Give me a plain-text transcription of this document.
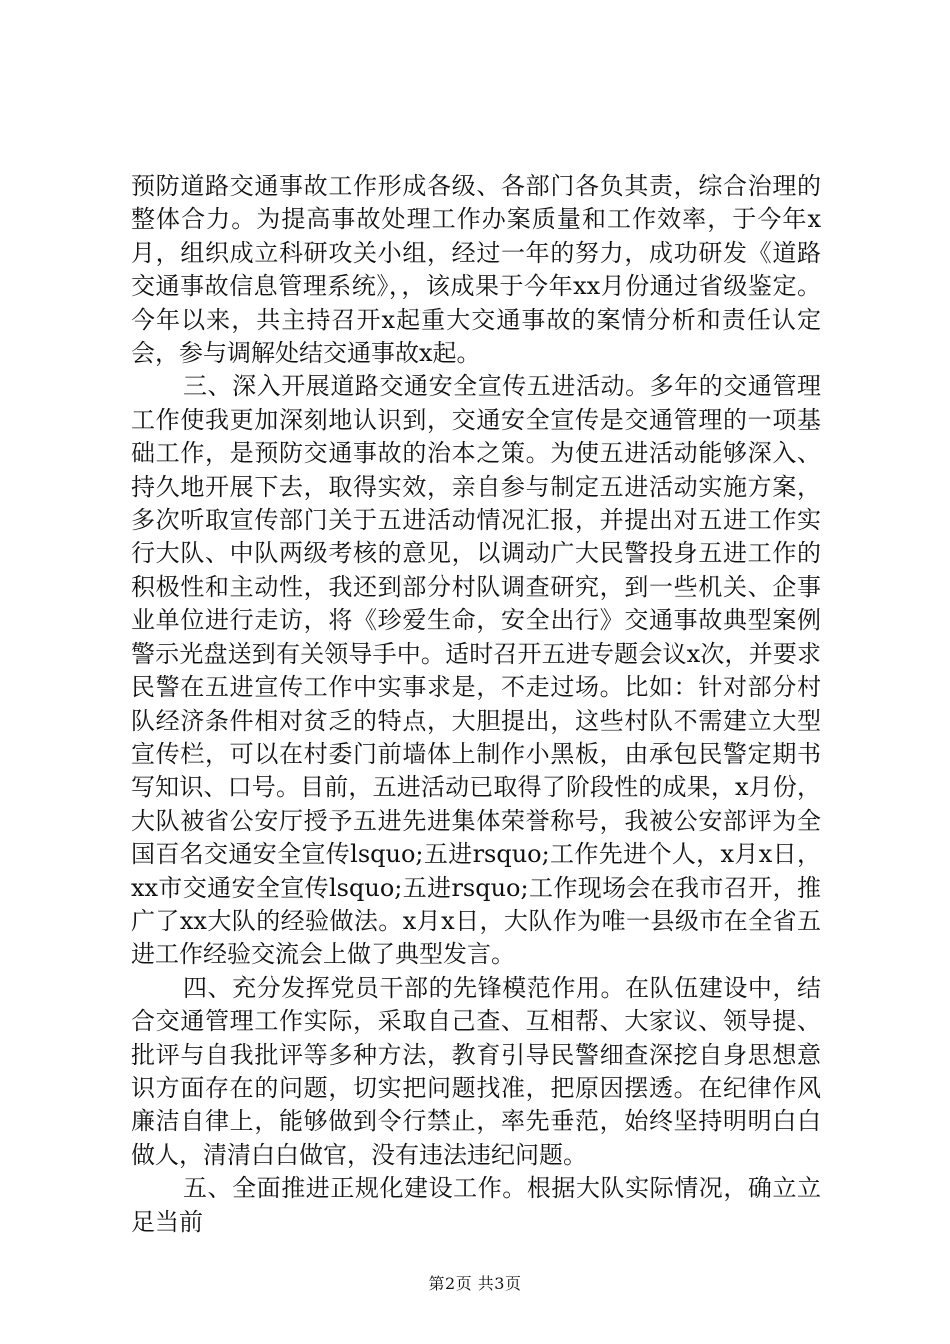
预防道路交通事故工作形成各级、各部门各负其责，综合治理的整体合力。为提高事故处理工作办案质量和工作效率，于今年x月，组织成立科研攻关小组，经过一年的努力，成功研发《道路交通事故信息管理系统》，，该成果于今年xx月份通过省级鉴定。今年以来，共主持召开x起重大交通事故的案情分析和责任认定会，参与调解处结交通事故x起。

三、深入开展道路交通安全宣传五进活动。多年的交通管理工作使我更加深刻地认识到，交通安全宣传是交通管理的一项基础工作，是预防交通事故的治本之策。为使五进活动能够深入、持久地开展下去，取得实效，亲自参与制定五进活动实施方案，多次听取宣传部门关于五进活动情况汇报，并提出对五进工作实行大队、中队两级考核的意见，以调动广大民警投身五进工作的积极性和主动性，我还到部分村队调查研究，到一些机关、企事业单位进行走访，将《珍爱生命，安全出行》交通事故典型案例警示光盘送到有关领导手中。适时召开五进专题会议x次，并要求民警在五进宣传工作中实事求是，不走过场。比如：针对部分村队经济条件相对贫乏的特点，大胆提出，这些村队不需建立大型宣传栏，可以在村委门前墙体上制作小黑板，由承包民警定期书写知识、口号。目前，五进活动已取得了阶段性的成果，x月份，大队被省公安厅授予五进先进集体荣誉称号，我被公安部评为全国百名交通安全宣传lsquo;五进rsquo;工作先进个人，x月x日，xx市交通安全宣传lsquo;五进rsquo;工作现场会在我市召开，推广了xx大队的经验做法。x月x日，大队作为唯一县级市在全省五进工作经验交流会上做了典型发言。

四、充分发挥党员干部的先锋模范作用。在队伍建设中，结合交通管理工作实际，采取自己查、互相帮、大家议、领导提、批评与自我批评等多种方法，教育引导民警细查深挖自身思想意识方面存在的问题，切实把问题找准，把原因摆透。在纪律作风廉洁自律上，能够做到令行禁止，率先垂范，始终坚持明明白白做人，清清白白做官，没有违法违纪问题。

五、全面推进正规化建设工作。根据大队实际情况，确立立足当前

第2页 共3页
